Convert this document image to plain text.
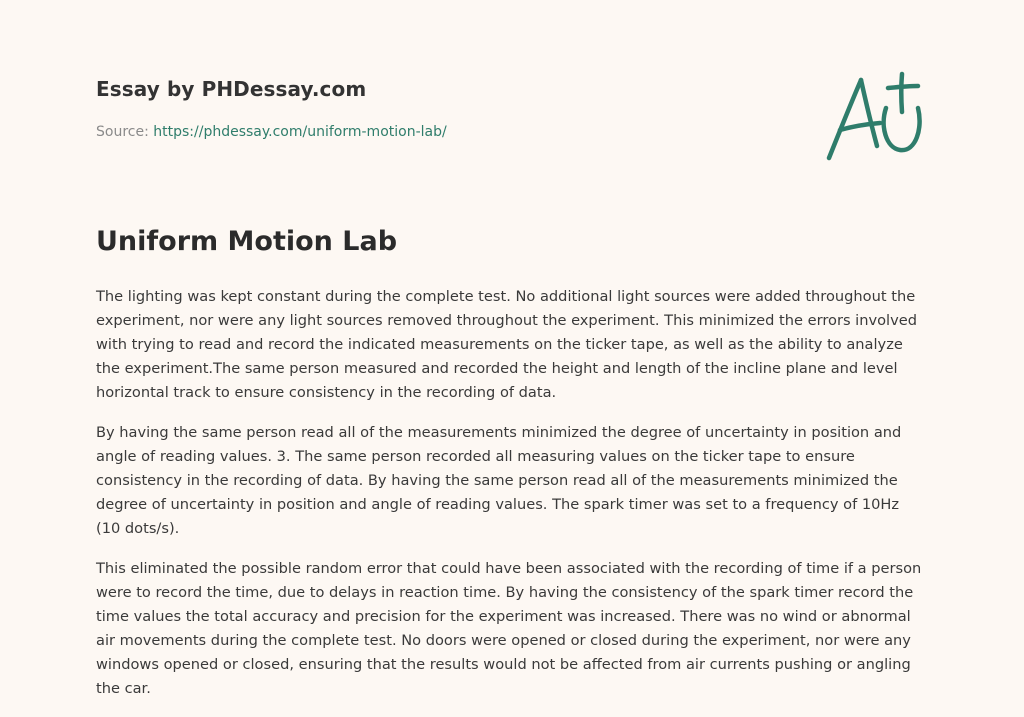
Essay by PHDessay.com
Source: https://phdessay.com/uniform-motion-lab/
Uniform Motion Lab

The lighting was kept constant during the complete test. No additional light sources were added throughout the experiment, nor were any light sources removed throughout the experiment. This minimized the errors involved with trying to read and record the indicated measurements on the ticker tape, as well as the ability to analyze the experiment.The same person measured and recorded the height and length of the incline plane and level horizontal track to ensure consistency in the recording of data.

By having the same person read all of the measurements minimized the degree of uncertainty in position and angle of reading values. 3. The same person recorded all measuring values on the ticker tape to ensure consistency in the recording of data. By having the same person read all of the measurements minimized the degree of uncertainty in position and angle of reading values. The spark timer was set to a frequency of 10Hz (10 dots/s).

This eliminated the possible random error that could have been associated with the recording of time if a person were to record the time, due to delays in reaction time. By having the consistency of the spark timer record the time values the total accuracy and precision for the experiment was increased. There was no wind or abnormal air movements during the complete test. No doors were opened or closed during the experiment, nor were any windows opened or closed, ensuring that the results would not be affected from air currents pushing or angling the car.
